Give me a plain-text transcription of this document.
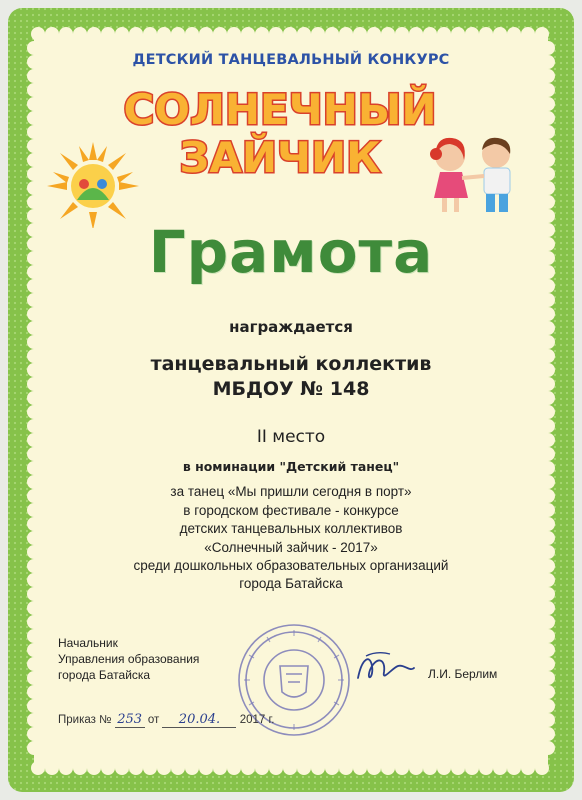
ДЕТСКИЙ ТАНЦЕВАЛЬНЫЙ КОНКУРС
СОЛНЕЧНЫЙ
ЗАЙЧИК
Грамота
награждается
танцевальный коллектив
МБДОУ № 148
II место
в номинации "Детский танец"
за танец «Мы пришли сегодня в порт»
в городском фестивале - конкурсе
детских танцевальных коллективов
«Солнечный зайчик - 2017»
среди дошкольных образовательных организаций
города Батайска
Начальник
Управления образования
города Батайска	Л.И. Берлим
Приказ № 253 от 20.04. 2017 г.
